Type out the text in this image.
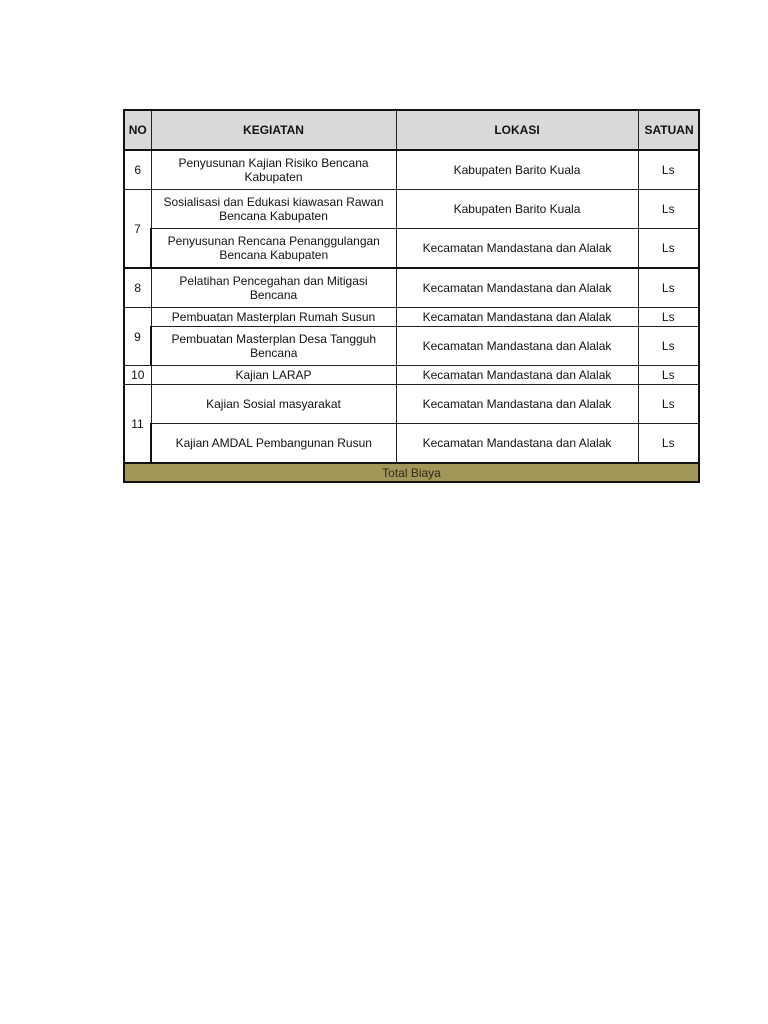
NO	KEGIATAN	LOKASI	SATUAN
6	Penyusunan Kajian Risiko Bencana Kabupaten	Kabupaten Barito Kuala	Ls
7	Sosialisasi dan Edukasi kiawasan Rawan Bencana Kabupaten	Kabupaten Barito Kuala	Ls
	Penyusunan Rencana Penanggulangan Bencana Kabupaten	Kecamatan Mandastana dan Alalak	Ls
8	Pelatihan Pencegahan dan Mitigasi Bencana	Kecamatan Mandastana dan Alalak	Ls
9	Pembuatan Masterplan Rumah Susun	Kecamatan Mandastana dan Alalak	Ls
	Pembuatan Masterplan Desa Tangguh Bencana	Kecamatan Mandastana dan Alalak	Ls
10	Kajian LARAP	Kecamatan Mandastana dan Alalak	Ls
11	Kajian Sosial masyarakat	Kecamatan Mandastana dan Alalak	Ls
	Kajian AMDAL Pembangunan Rusun	Kecamatan Mandastana dan Alalak	Ls
Total Biaya			
